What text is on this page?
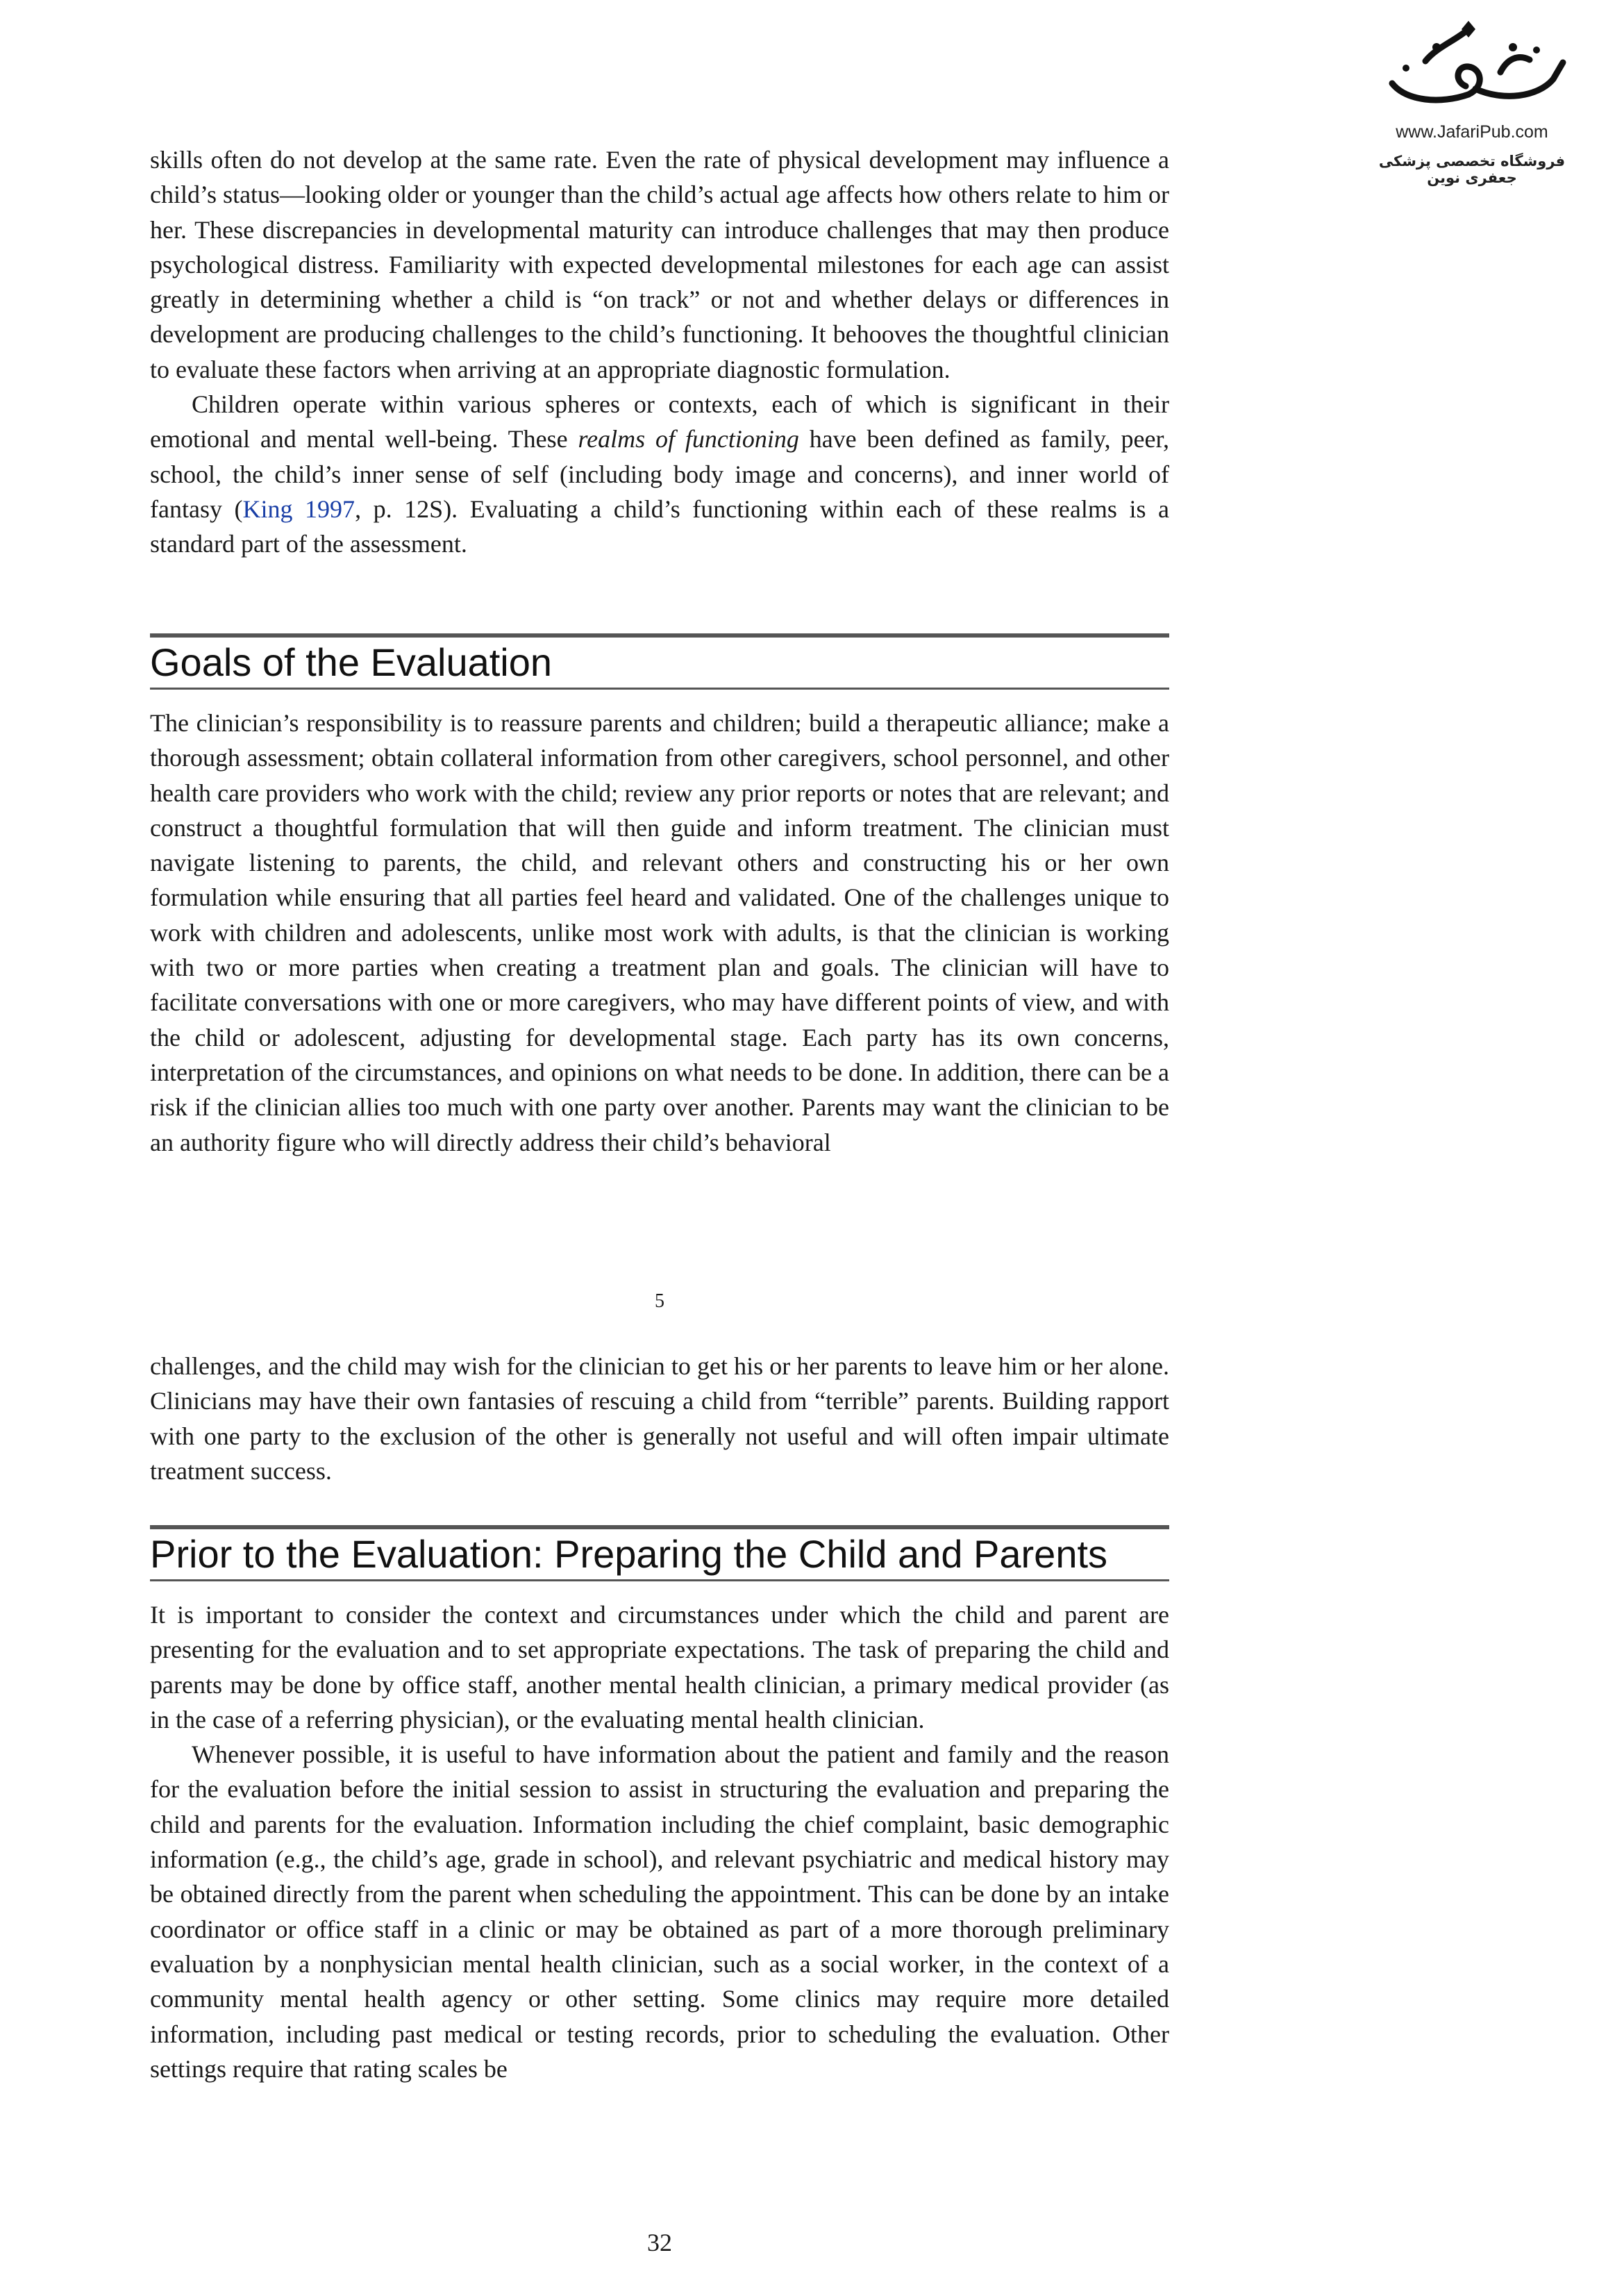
www.JafariPub.com
فروشگاه تخصصی پزشکی جعفری نوین

skills often do not develop at the same rate. Even the rate of physical development may influence a child’s status—looking older or younger than the child’s actual age affects how others relate to him or her. These discrepancies in developmental maturity can introduce challenges that may then produce psychological distress. Familiarity with expected developmental milestones for each age can assist greatly in determining whether a child is “on track” or not and whether delays or differences in development are producing challenges to the child’s functioning. It behooves the thoughtful clinician to evaluate these factors when arriving at an appropriate diagnostic formulation.

Children operate within various spheres or contexts, each of which is significant in their emotional and mental well-being. These realms of functioning have been defined as family, peer, school, the child’s inner sense of self (including body image and concerns), and inner world of fantasy (King 1997, p. 12S). Evaluating a child’s functioning within each of these realms is a standard part of the assessment.

Goals of the Evaluation

The clinician’s responsibility is to reassure parents and children; build a therapeutic alliance; make a thorough assessment; obtain collateral information from other caregivers, school personnel, and other health care providers who work with the child; review any prior reports or notes that are relevant; and construct a thoughtful formulation that will then guide and inform treatment. The clinician must navigate listening to parents, the child, and relevant others and constructing his or her own formulation while ensuring that all parties feel heard and validated. One of the challenges unique to work with children and adolescents, unlike most work with adults, is that the clinician is working with two or more parties when creating a treatment plan and goals. The clinician will have to facilitate conversations with one or more caregivers, who may have different points of view, and with the child or adolescent, adjusting for developmental stage. Each party has its own concerns, interpretation of the circumstances, and opinions on what needs to be done. In addition, there can be a risk if the clinician allies too much with one party over another. Parents may want the clinician to be an authority figure who will directly address their child’s behavioral

5

challenges, and the child may wish for the clinician to get his or her parents to leave him or her alone. Clinicians may have their own fantasies of rescuing a child from “terrible” parents. Building rapport with one party to the exclusion of the other is generally not useful and will often impair ultimate treatment success.

Prior to the Evaluation: Preparing the Child and Parents

It is important to consider the context and circumstances under which the child and parent are presenting for the evaluation and to set appropriate expectations. The task of preparing the child and parents may be done by office staff, another mental health clinician, a primary medical provider (as in the case of a referring physician), or the evaluating mental health clinician.

Whenever possible, it is useful to have information about the patient and family and the reason for the evaluation before the initial session to assist in structuring the evaluation and preparing the child and parents for the evaluation. Information including the chief complaint, basic demographic information (e.g., the child’s age, grade in school), and relevant psychiatric and medical history may be obtained directly from the parent when scheduling the appointment. This can be done by an intake coordinator or office staff in a clinic or may be obtained as part of a more thorough preliminary evaluation by a nonphysician mental health clinician, such as a social worker, in the context of a community mental health agency or other setting. Some clinics may require more detailed information, including past medical or testing records, prior to scheduling the evaluation. Other settings require that rating scales be

32
